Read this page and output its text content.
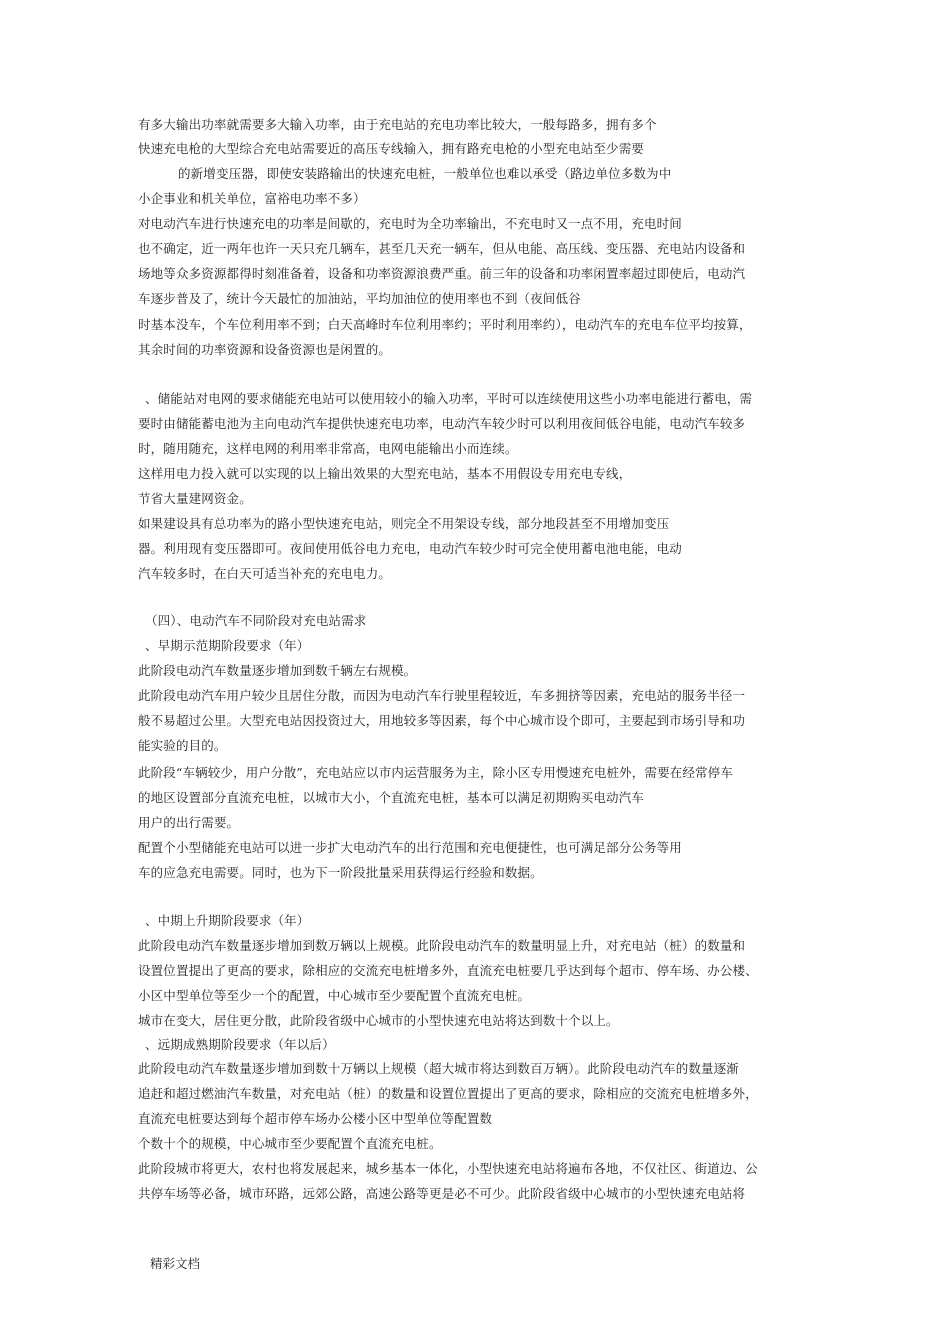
有多大输出功率就需要多大输入功率，由于充电站的充电功率比较大，一般每路多，拥有多个
快速充电枪的大型综合充电站需要近的高压专线输入，拥有路充电枪的小型充电站至少需要
的新增变压器，即使安装路输出的快速充电桩，一般单位也难以承受（路边单位多数为中
小企事业和机关单位，富裕电功率不多）
对电动汽车进行快速充电的功率是间歇的，充电时为全功率输出，不充电时又一点不用，充电时间
也不确定，近一两年也许一天只充几辆车，甚至几天充一辆车，但从电能、高压线、变压器、充电站内设备和
场地等众多资源都得时刻准备着，设备和功率资源浪费严重。前三年的设备和功率闲置率超过即使后，电动汽
车逐步普及了，统计今天最忙的加油站，平均加油位的使用率也不到（夜间低谷
时基本没车，个车位利用率不到；白天高峰时车位利用率约；平时利用率约），电动汽车的充电车位平均按算，
其余时间的功率资源和设备资源也是闲置的。
、储能站对电网的要求储能充电站可以使用较小的输入功率，平时可以连续使用这些小功率电能进行蓄电，需
要时由储能蓄电池为主向电动汽车提供快速充电功率，电动汽车较少时可以利用夜间低谷电能，电动汽车较多
时，随用随充，这样电网的利用率非常高，电网电能输出小而连续。
这样用电力投入就可以实现的以上输出效果的大型充电站，基本不用假设专用充电专线，
节省大量建网资金。
如果建设具有总功率为的路小型快速充电站，则完全不用架设专线，部分地段甚至不用增加变压
器。利用现有变压器即可。夜间使用低谷电力充电，电动汽车较少时可完全使用蓄电池电能，电动
汽车较多时，在白天可适当补充的充电电力。
（四）、电动汽车不同阶段对充电站需求
、早期示范期阶段要求（年）
此阶段电动汽车数量逐步增加到数千辆左右规模。
此阶段电动汽车用户较少且居住分散，而因为电动汽车行驶里程较近，车多拥挤等因素，充电站的服务半径一
般不易超过公里。大型充电站因投资过大，用地较多等因素，每个中心城市设个即可，主要起到市场引导和功
能实验的目的。
此阶段“车辆较少，用户分散”，充电站应以市内运营服务为主，除小区专用慢速充电桩外，需要在经常停车
的地区设置部分直流充电桩，以城市大小，个直流充电桩，基本可以满足初期购买电动汽车
用户的出行需要。
配置个小型储能充电站可以进一步扩大电动汽车的出行范围和充电便捷性，也可满足部分公务等用
车的应急充电需要。同时，也为下一阶段批量采用获得运行经验和数据。
、中期上升期阶段要求（年）
此阶段电动汽车数量逐步增加到数万辆以上规模。此阶段电动汽车的数量明显上升，对充电站（桩）的数量和
设置位置提出了更高的要求，除相应的交流充电桩增多外，直流充电桩要几乎达到每个超市、停车场、办公楼、
小区中型单位等至少一个的配置，中心城市至少要配置个直流充电桩。
城市在变大，居住更分散，此阶段省级中心城市的小型快速充电站将达到数十个以上。
、远期成熟期阶段要求（年以后）
此阶段电动汽车数量逐步增加到数十万辆以上规模（超大城市将达到数百万辆）。此阶段电动汽车的数量逐渐
追赶和超过燃油汽车数量，对充电站（桩）的数量和设置位置提出了更高的要求，除相应的交流充电桩增多外，
直流充电桩要达到每个超市停车场办公楼小区中型单位等配置数
个数十个的规模，中心城市至少要配置个直流充电桩。
此阶段城市将更大，农村也将发展起来，城乡基本一体化，小型快速充电站将遍布各地，不仅社区、街道边、公
共停车场等必备，城市环路，远郊公路，高速公路等更是必不可少。此阶段省级中心城市的小型快速充电站将
精彩文档
